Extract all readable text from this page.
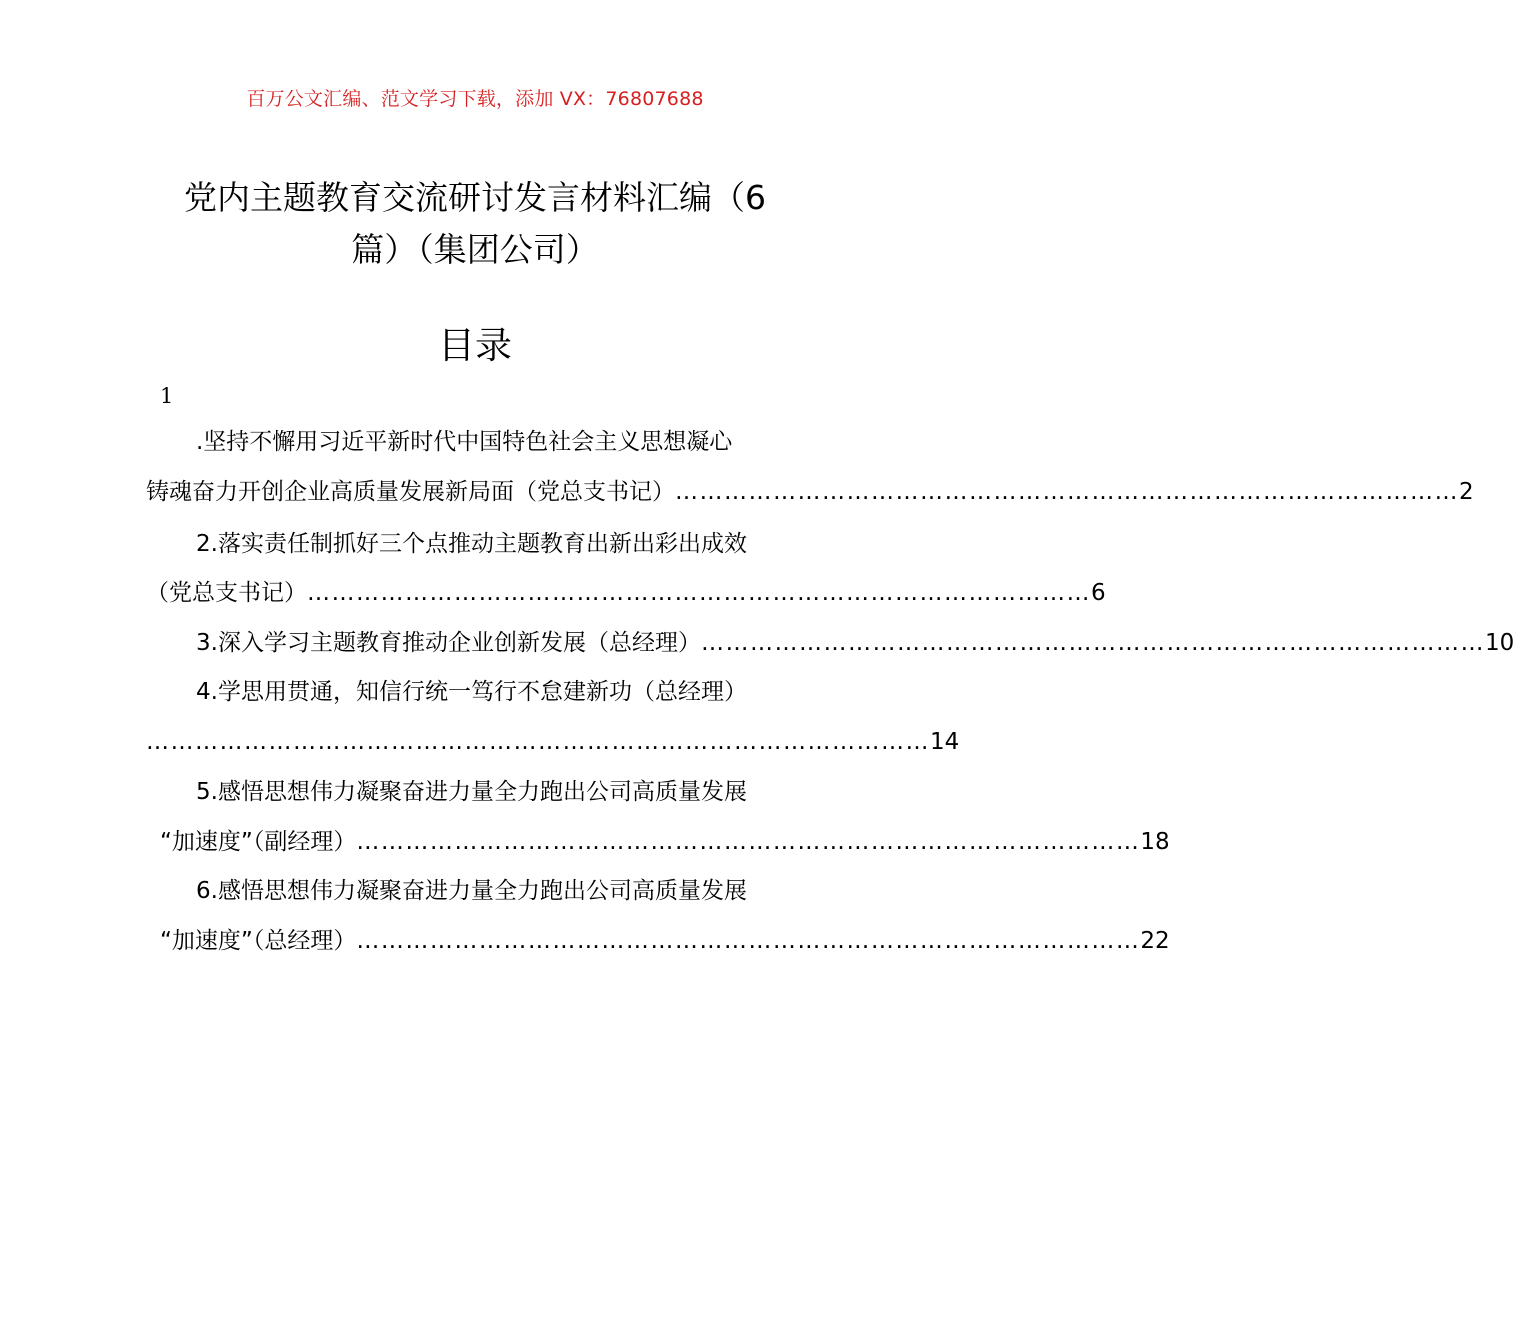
百万公文汇编、范文学习下载，添加 VX：76807688
党内主题教育交流研讨发言材料汇编（6
篇）（集团公司）
目录
1
.坚持不懈用习近平新时代中国特色社会主义思想凝心
铸魂奋力开创企业高质量发展新局面（党总支书记） …………………………………………………………………………………… 2
2.落实责任制抓好三个点推动主题教育出新出彩出成效
（党总支书记） …………………………………………………………………………………… 6
3.深入学习主题教育推动企业创新发展（总经理） …………………………………………………………………………………… 10
4.学思用贯通，知信行统一笃行不怠建新功（总经理）
…………………………………………………………………………………… 14
5.感悟思想伟力凝聚奋进力量全力跑出公司高质量发展
“加速度”（副经理） …………………………………………………………………………………… 18
6.感悟思想伟力凝聚奋进力量全力跑出公司高质量发展
“加速度”（总经理） …………………………………………………………………………………… 22
